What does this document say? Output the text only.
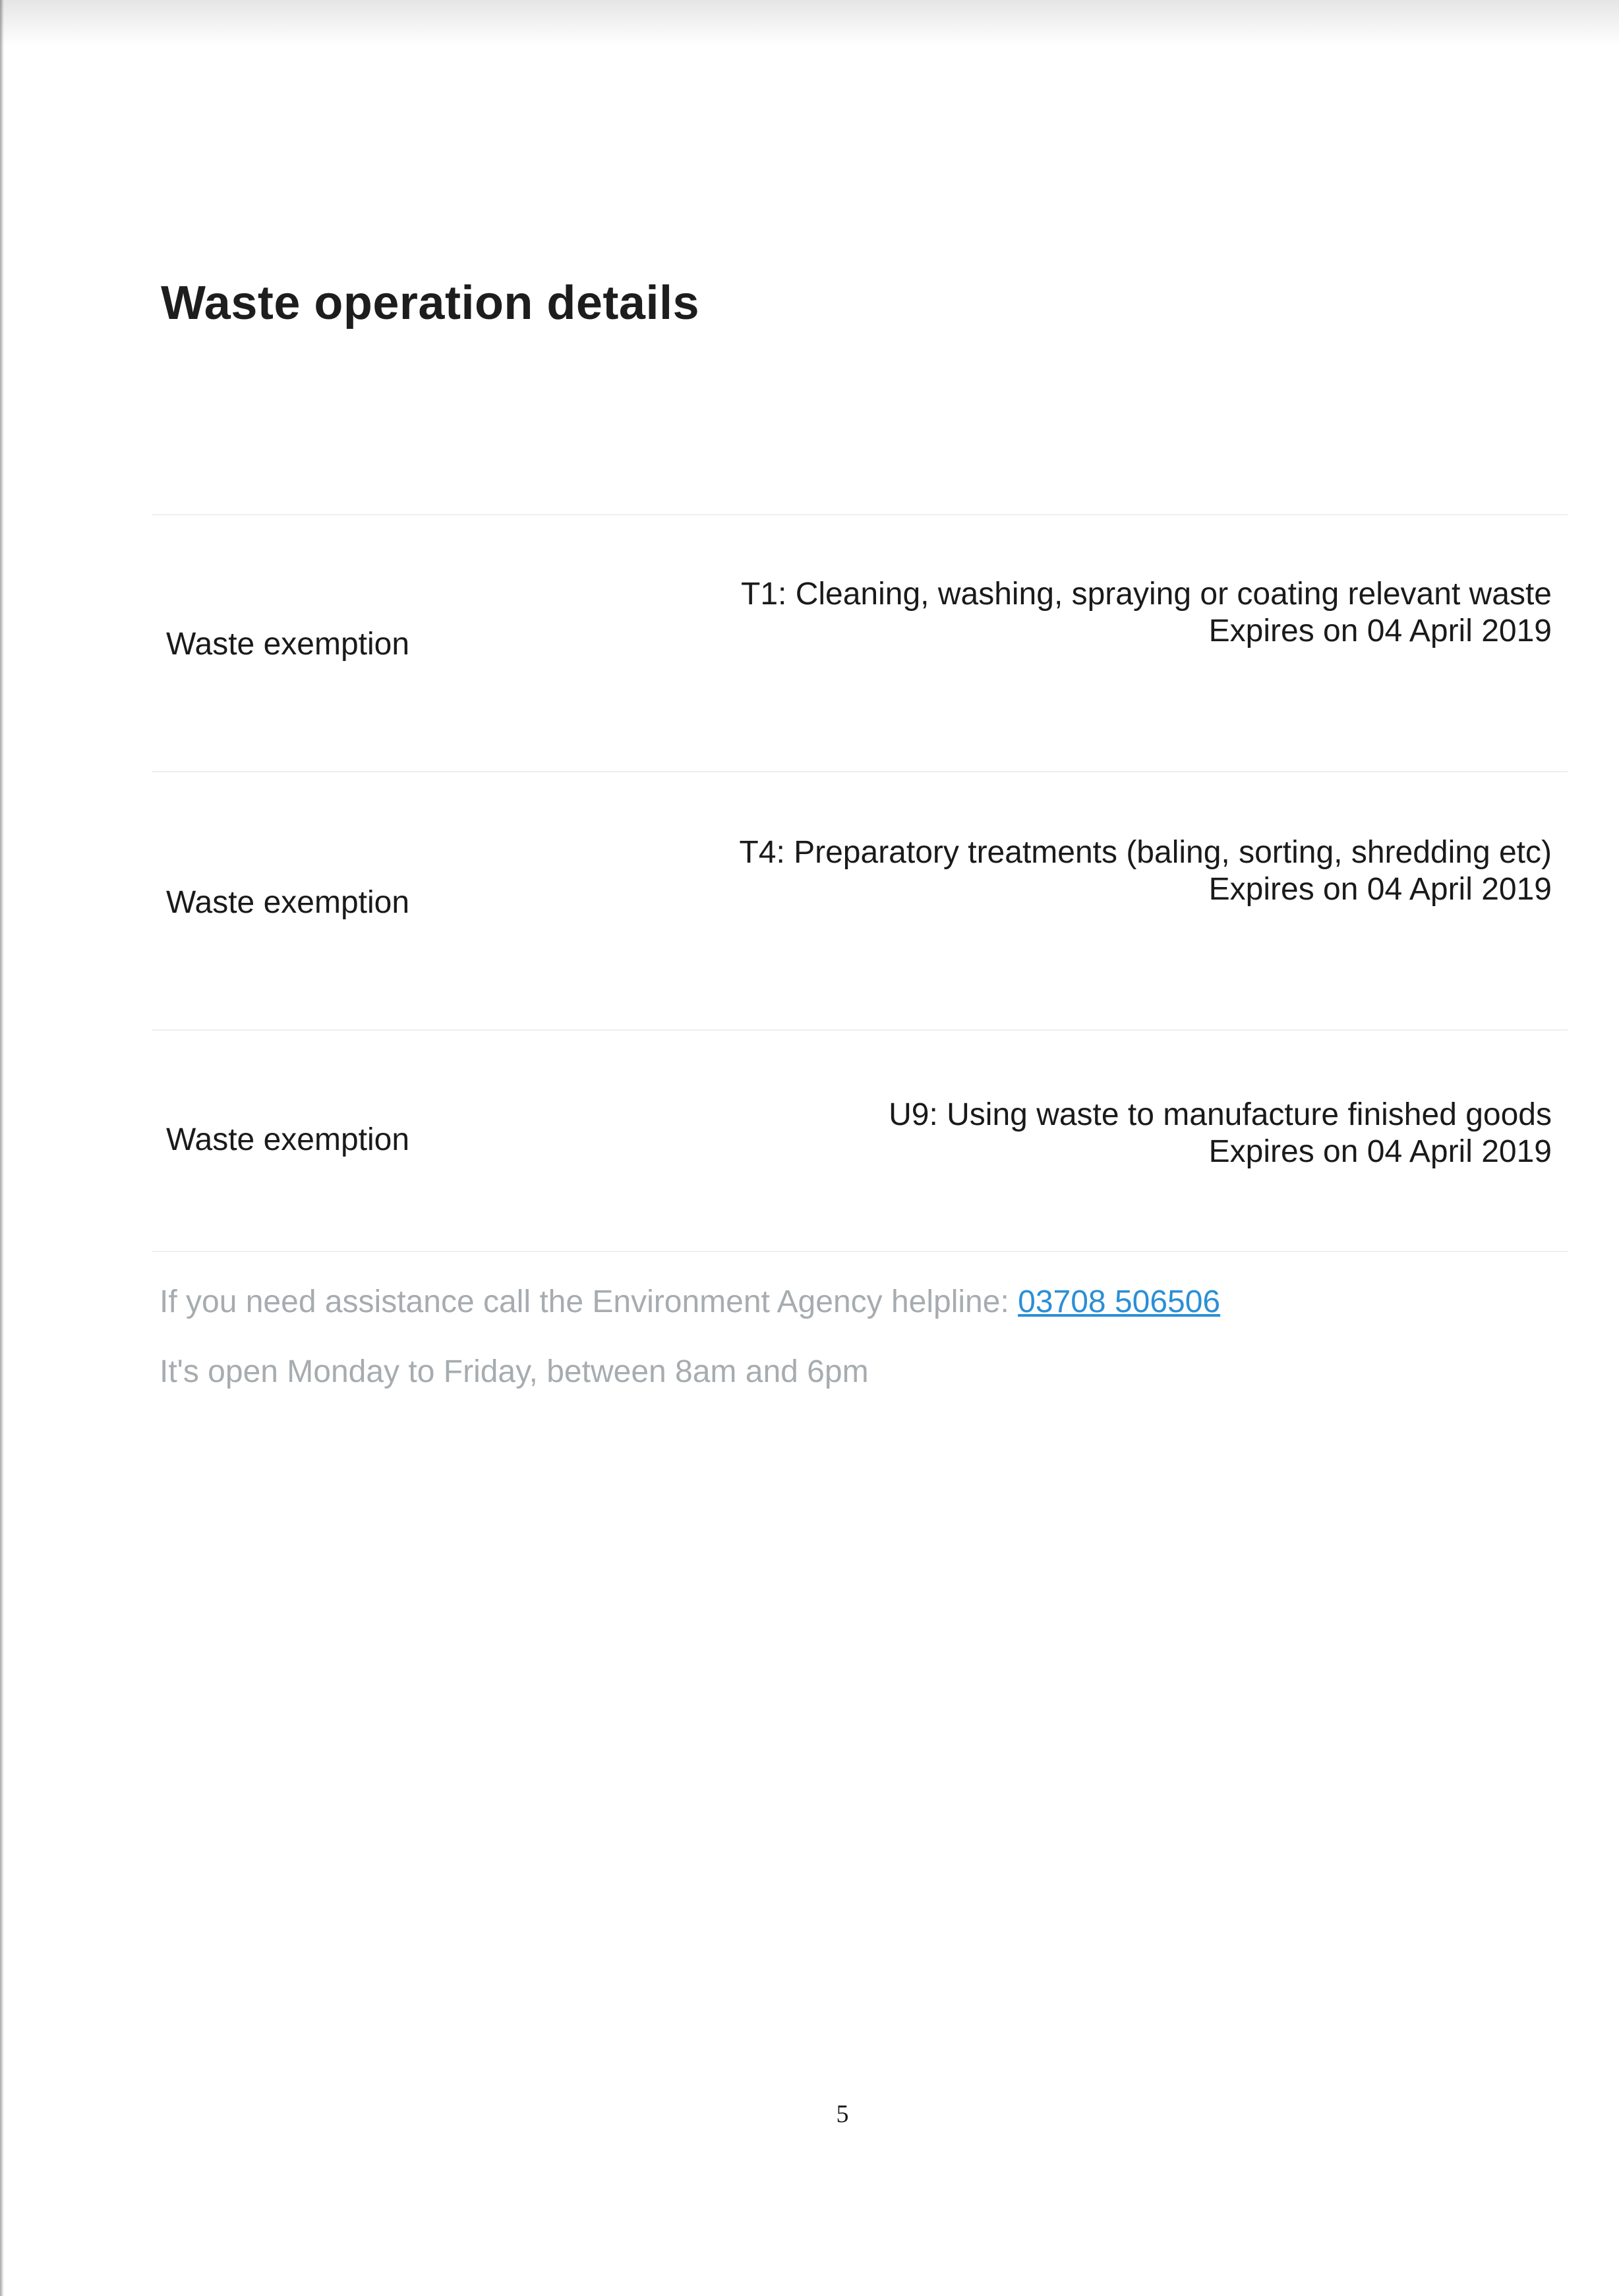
Waste operation details
Waste exemption
T1: Cleaning, washing, spraying or coating relevant waste
Expires on 04 April 2019
Waste exemption
T4: Preparatory treatments (baling, sorting, shredding etc)
Expires on 04 April 2019
Waste exemption
U9: Using waste to manufacture finished goods
Expires on 04 April 2019
If you need assistance call the Environment Agency helpline: 03708 506506
It's open Monday to Friday, between 8am and 6pm
5
